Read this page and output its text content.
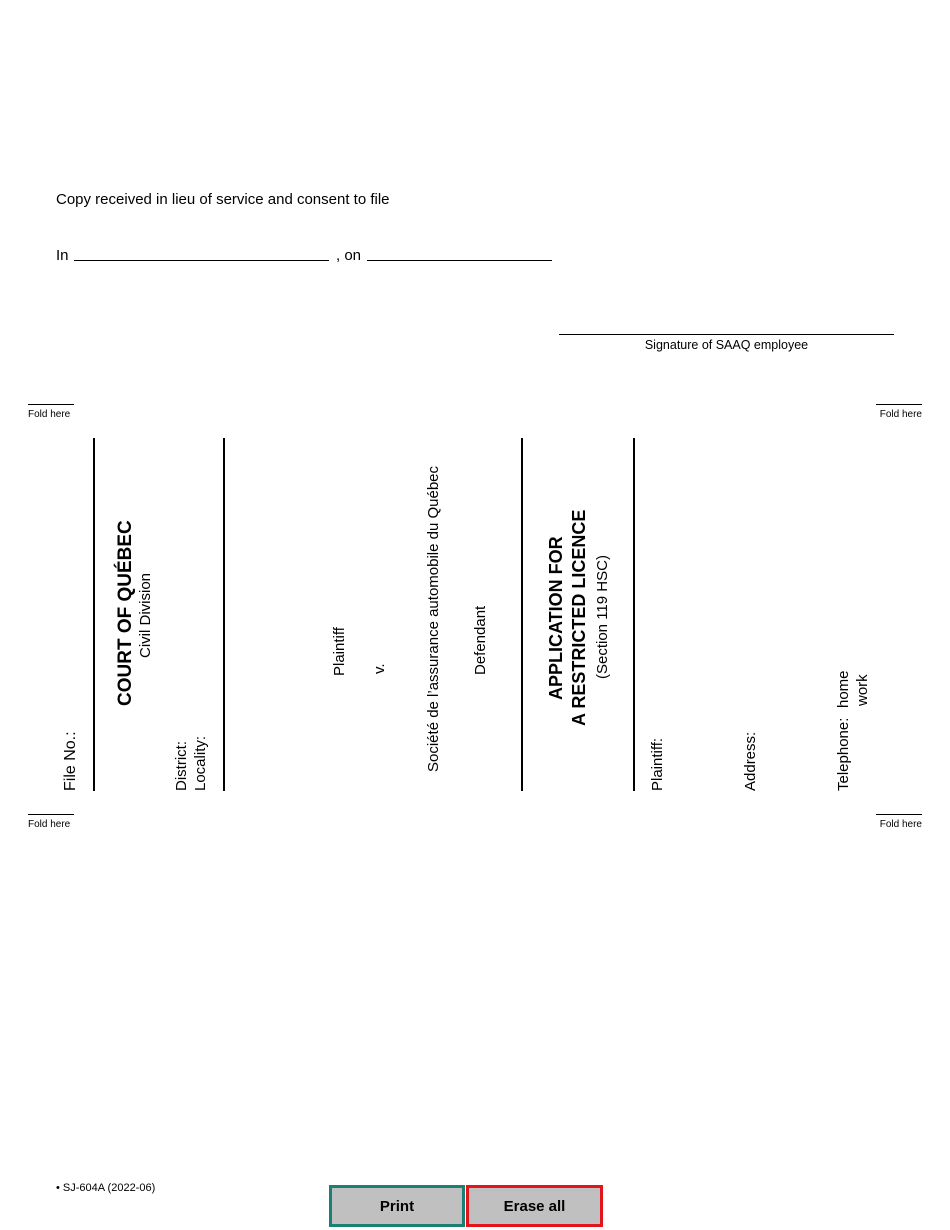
Copy received in lieu of service and consent to file
In	, on
Signature of SAAQ employee
Fold here	Fold here
Fold here	Fold here
File No.:
COURT OF QUÉBEC Civil Division
District: Locality:
Plaintiff v. Société de l’assurance automobile du Québec Defendant	APPLICATION FOR A RESTRICTED LICENCE (Section 119 HSC)
Plaintiff:	Address:	Telephone:
home work
• SJ-604A (2022-06)
Print	Erase all
